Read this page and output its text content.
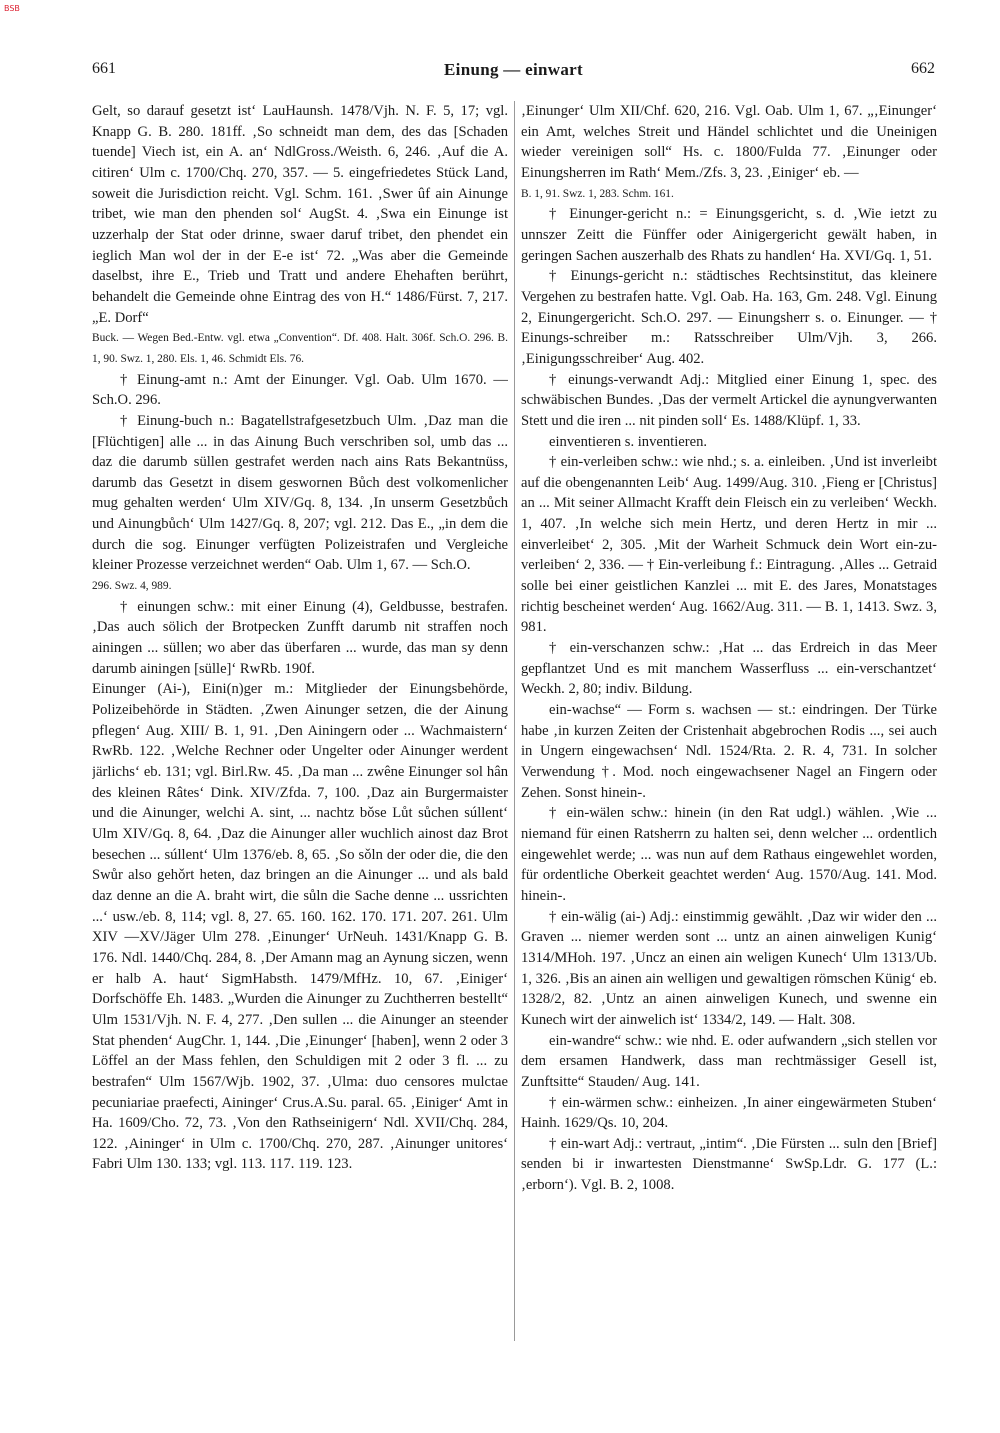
BSB
661	Einung — einwart	662

Gelt, so darauf gesetzt ist‘ LauHaunsh. 1478/Vjh. N. F. 5, 17; vgl. Knapp G. B. 280. 181ff. ‚So schneidt man dem, des das [Schaden tuende] Viech ist, ein A. an‘ NdlGross./Weisth. 6, 246. ‚Auf die A. citiren‘ Ulm c. 1700/Chq. 270, 357. — 5. eingefriedetes Stück Land, soweit die Jurisdiction reicht. Vgl. Schm. 161. ‚Swer ûf ain Ainunge tribet, wie man den phenden sol‘ AugSt. 4. ‚Swa ein Einunge ist uzzerhalp der Stat oder drinne, swaer daruf tribet, den phendet ein ieglich Man wol der in der E-e ist‘ 72. „Was aber die Gemeinde daselbst, ihre E., Trieb und Tratt und andere Ehehaften berührt, behandelt die Gemeinde ohne Eintrag des von H.“ 1486/Fürst. 7, 217. „E. Dorf“

Buck. — Wegen Bed.-Entw. vgl. etwa „Convention“. Df. 408. Halt. 306f. Sch.O. 296. B. 1, 90. Swz. 1, 280. Els. 1, 46. Schmidt Els. 76.

† Einung-amt n.: Amt der Einunger. Vgl. Oab. Ulm 1670. — Sch.O. 296.

† Einung-buch n.: Bagatellstrafgesetzbuch Ulm. ‚Daz man die [Flüchtigen] alle ... in das Ainung Buch verschriben sol, umb das ... daz die darumb süllen gestrafet werden nach ains Rats Bekantnüss, darumb das Gesetzt in disem geswornen Bůch dest volkomenlicher mug gehalten werden‘ Ulm XIV/Gq. 8, 134. ‚In unserm Gesetzbůch und Ainungbůch‘ Ulm 1427/Gq. 8, 207; vgl. 212. Das E., „in dem die durch die sog. Einunger verfügten Polizeistrafen und Vergleiche kleiner Prozesse verzeichnet werden“ Oab. Ulm 1, 67. — Sch.O.

296. Swz. 4, 989.

† einungen schw.: mit einer Einung (4), Geldbusse, bestrafen. ‚Das auch sölich der Brotpecken Zunfft darumb nit straffen noch ainingen ... süllen; wo aber das überfaren ... wurde, das man sy denn darumb ainingen [sülle]‘ RwRb. 190f.

Einunger (Ai-), Eini(n)ger m.: Mitglieder der Einungsbehörde, Polizeibehörde in Städten. ‚Zwen Ainunger setzen, die der Ainung pflegen‘ Aug. XIII/ B. 1, 91. ‚Den Ainingern oder ... Wachmaistern‘ RwRb. 122. ‚Welche Rechner oder Ungelter oder Ainunger werdent järlichs‘ eb. 131; vgl. Birl.Rw. 45. ‚Da man ... zwêne Einunger sol hân des kleinen Râtes‘ Dink. XIV/Zfda. 7, 100. ‚Daz ain Burgermaister und die Ainunger, welchi A. sint, ... nachtz bǒse Lůt sůchen súllent‘ Ulm XIV/Gq. 8, 64. ‚Daz die Ainunger aller wuchlich ainost daz Brot besechen ... súllent‘ Ulm 1376/eb. 8, 65. ‚So sǒln der oder die, die den Swůr also gehǒrt heten, daz bringen an die Ainunger ... und als bald daz denne an die A. braht wirt, die sůln die Sache denne ... ussrichten ...‘ usw./eb. 8, 114; vgl. 8, 27. 65. 160. 162. 170. 171. 207. 261. Ulm XIV —XV/Jäger Ulm 278. ‚Einunger‘ UrNeuh. 1431/Knapp G. B. 176. Ndl. 1440/Chq. 284, 8. ‚Der Amann mag an Aynung siczen, wenn er halb A. haut‘ SigmHabsth. 1479/MfHz. 10, 67. ‚Einiger‘ Dorfschöffe Eh. 1483. „Wurden die Ainunger zu Zuchtherren bestellt“ Ulm 1531/Vjh. N. F. 4, 277. ‚Den sullen ... die Ainunger an steender Stat phenden‘ AugChr. 1, 144. ‚Die ‚Einunger‘ [haben], wenn 2 oder 3 Löffel an der Mass fehlen, den Schuldigen mit 2 oder 3 fl. ... zu bestrafen“ Ulm 1567/Wjb. 1902, 37. ‚Ulma: duo censores mulctae pecuniariae praefecti, Aininger‘ Crus.A.Su. paral. 65. ‚Einiger‘ Amt in Ha. 1609/Cho. 72, 73. ‚Von den Rathseinigern‘ Ndl. XVII/Chq. 284, 122. ‚Ainingerʻ in Ulm c. 1700/Chq. 270, 287. ‚Ainunger unitores‘ Fabri Ulm 130. 133; vgl. 113. 117. 119. 123.

‚Einunger‘ Ulm XII/Chf. 620, 216. Vgl. Oab. Ulm 1, 67. „‚Einunger‘ ein Amt, welches Streit und Händel schlichtet und die Uneinigen wieder vereinigen soll“ Hs. c. 1800/Fulda 77. ‚Einunger oder Einungsherren im Rath‘ Mem./Zfs. 3, 23. ‚Einiger‘ eb. —

B. 1, 91. Swz. 1, 283. Schm. 161.

† Einunger-gericht n.: = Einungsgericht, s. d. ‚Wie ietzt zu unnszer Zeitt die Fünffer oder Ainigergericht gewält haben, in geringen Sachen auszerhalb des Rhats zu handlen‘ Ha. XVI/Gq. 1, 51.

† Einungs-gericht n.: städtisches Rechtsinstitut, das kleinere Vergehen zu bestrafen hatte. Vgl. Oab. Ha. 163, Gm. 248. Vgl. Einung 2, Einungergericht. Sch.O. 297. — Einungsherr s. o. Einunger. — † Einungs-schreiber m.: Ratsschreiber Ulm/Vjh. 3, 266. ‚Einigungsschreiber‘ Aug. 402.

† einungs-verwandt Adj.: Mitglied einer Einung 1, spec. des schwäbischen Bundes. ‚Das der vermelt Artickel die aynungverwanten Stett und die iren ... nit pinden soll‘ Es. 1488/Klüpf. 1, 33.

einventieren s. inventieren.

† ein-verleiben schw.: wie nhd.; s. a. einleiben. ‚Und ist inverleibt auf die obengenannten Leib‘ Aug. 1499/Aug. 310. ‚Fieng er [Christus] an ... Mit seiner Allmacht Krafft dein Fleisch ein zu verleiben‘ Weckh. 1, 407. ‚In welche sich mein Hertz, und deren Hertz in mir ... einverleibet‘ 2, 305. ‚Mit der Warheit Schmuck dein Wort ein-zu-verleiben‘ 2, 336. — † Ein-verleibung f.: Eintragung. ‚Alles ... Getraid solle bei einer geistlichen Kanzlei ... mit E. des Jares, Monatstages richtig bescheinet werden‘ Aug. 1662/Aug. 311. — B. 1, 1413. Swz. 3, 981.

† ein-verschanzen schw.: ‚Hat ... das Erdreich in das Meer gepflantzet Und es mit manchem Wasserfluss ... ein-verschantzet‘ Weckh. 2, 80; indiv. Bildung.

ein-wachse“ — Form s. wachsen — st.: eindringen. Der Türke habe ‚in kurzen Zeiten der Cristenhait abgebrochen Rodis ..., sei auch in Ungern eingewachsen‘ Ndl. 1524/Rta. 2. R. 4, 731. In solcher Verwendung †. Mod. noch eingewachsener Nagel an Fingern oder Zehen. Sonst hinein-.

† ein-wälen schw.: hinein (in den Rat udgl.) wählen. ‚Wie ... niemand für einen Ratsherrn zu halten sei, denn welcher ... ordentlich eingewehlet werde; ... was nun auf dem Rathaus eingewehlet worden, für ordentliche Oberkeit geachtet werden‘ Aug. 1570/Aug. 141. Mod. hinein-.

† ein-wälig (ai-) Adj.: einstimmig gewählt. ‚Daz wir wider den ... Graven ... niemer werden sont ... untz an ainen ainweligen Kunig‘ 1314/MHoh. 197. ‚Uncz an einen ain weligen Kunech‘ Ulm 1313/Ub. 1, 326. ‚Bis an ainen ain welligen und gewaltigen römschen Künig‘ eb. 1328/2, 82. ‚Untz an ainen ainweligen Kunech, und swenne ein Kunech wirt der ainwelich ist‘ 1334/2, 149. — Halt. 308.

ein-wandre“ schw.: wie nhd. E. oder aufwandern „sich stellen vor dem ersamen Handwerk, dass man rechtmässiger Gesell ist, Zunftsitte“ Stauden/ Aug. 141.

† ein-wärmen schw.: einheizen. ‚In ainer eingewärmeten Stuben‘ Hainh. 1629/Qs. 10, 204.

† ein-wart Adj.: vertraut, „intim“. ‚Die Fürsten ... suln den [Brief] senden bi ir inwartesten Dienstmanne‘ SwSp.Ldr. G. 177 (L.: ‚erborn‘). Vgl. B. 2, 1008.
